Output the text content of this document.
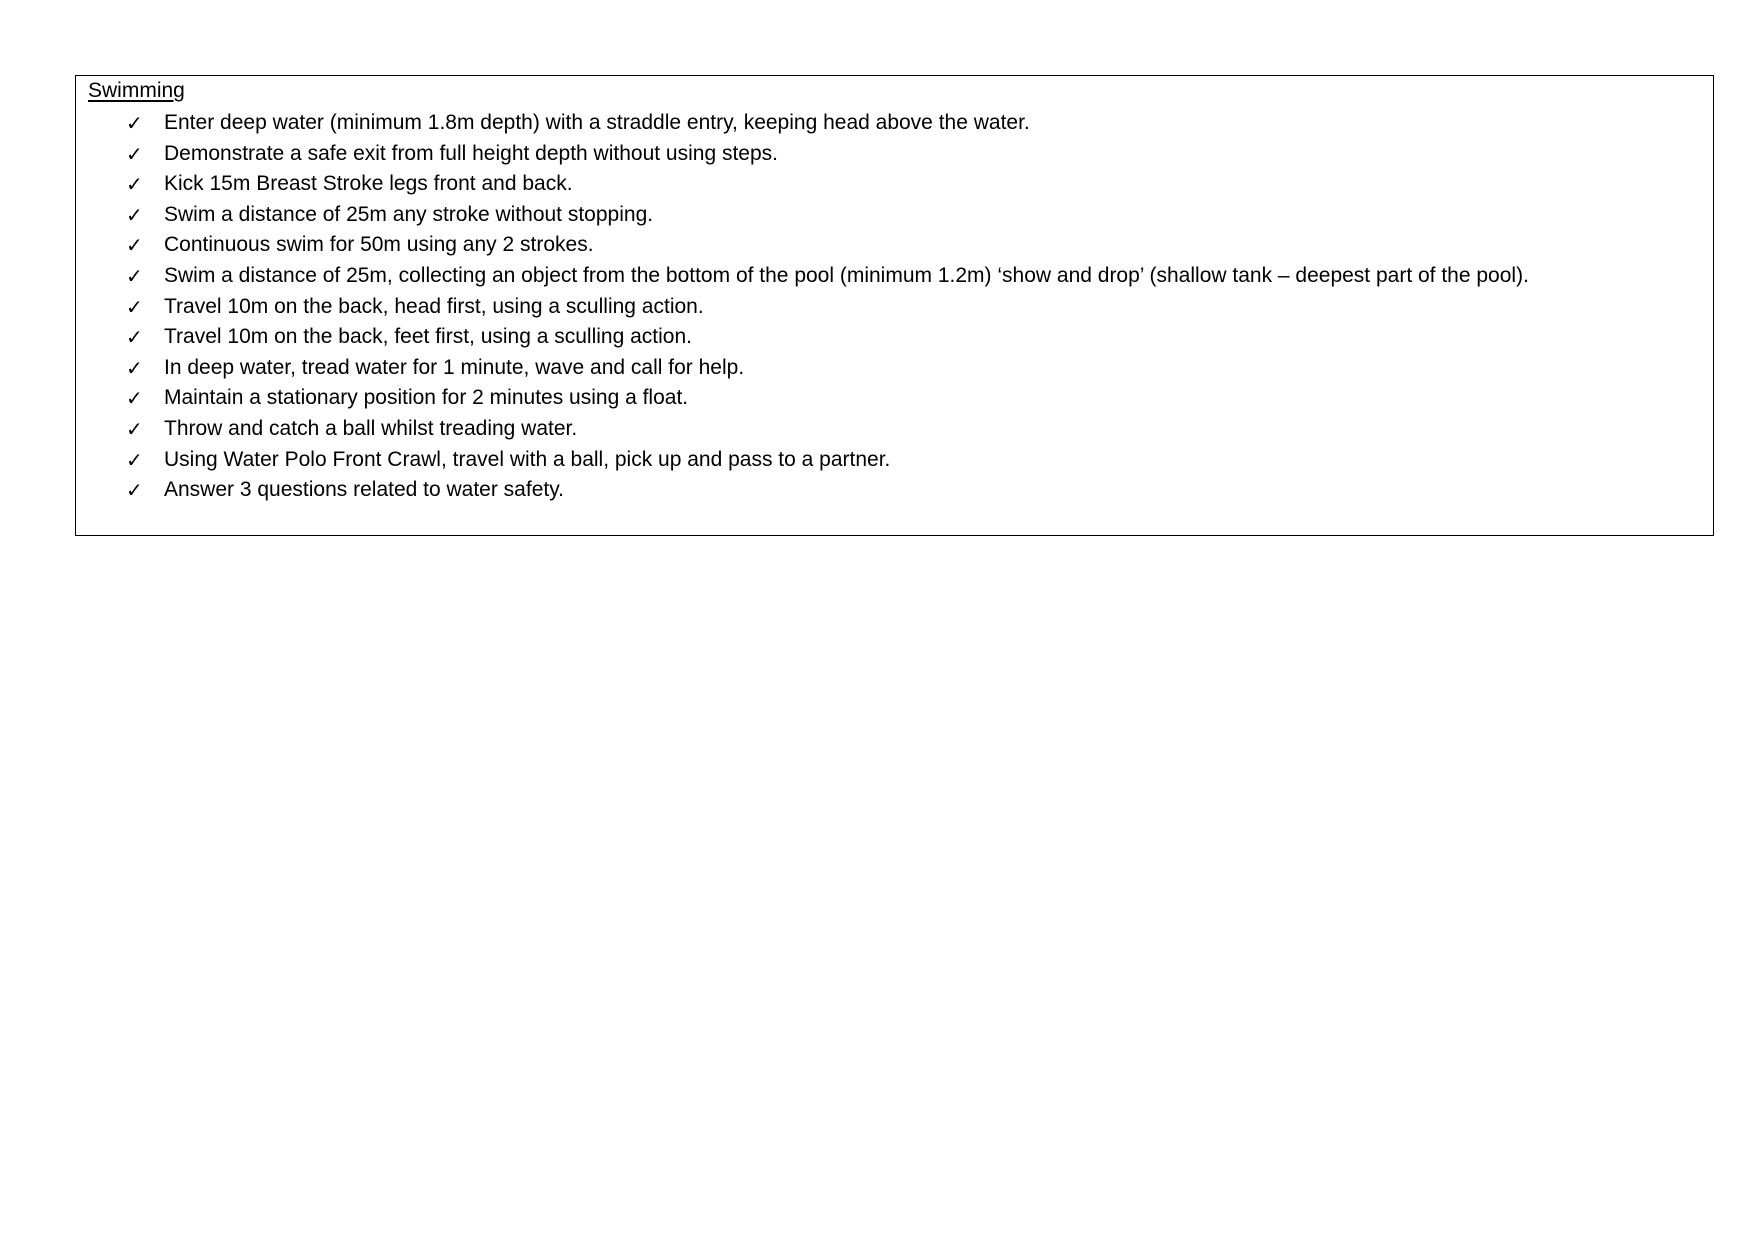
Swimming
✓ Enter deep water (minimum 1.8m depth) with a straddle entry, keeping head above the water.
✓ Demonstrate a safe exit from full height depth without using steps.
✓ Kick 15m Breast Stroke legs front and back.
✓ Swim a distance of 25m any stroke without stopping.
✓ Continuous swim for 50m using any 2 strokes.
✓ Swim a distance of 25m, collecting an object from the bottom of the pool (minimum 1.2m) ‘show and drop’ (shallow tank – deepest part of the pool).
✓ Travel 10m on the back, head first, using a sculling action.
✓ Travel 10m on the back, feet first, using a sculling action.
✓ In deep water, tread water for 1 minute, wave and call for help.
✓ Maintain a stationary position for 2 minutes using a float.
✓ Throw and catch a ball whilst treading water.
✓ Using Water Polo Front Crawl, travel with a ball, pick up and pass to a partner.
✓ Answer 3 questions related to water safety.
